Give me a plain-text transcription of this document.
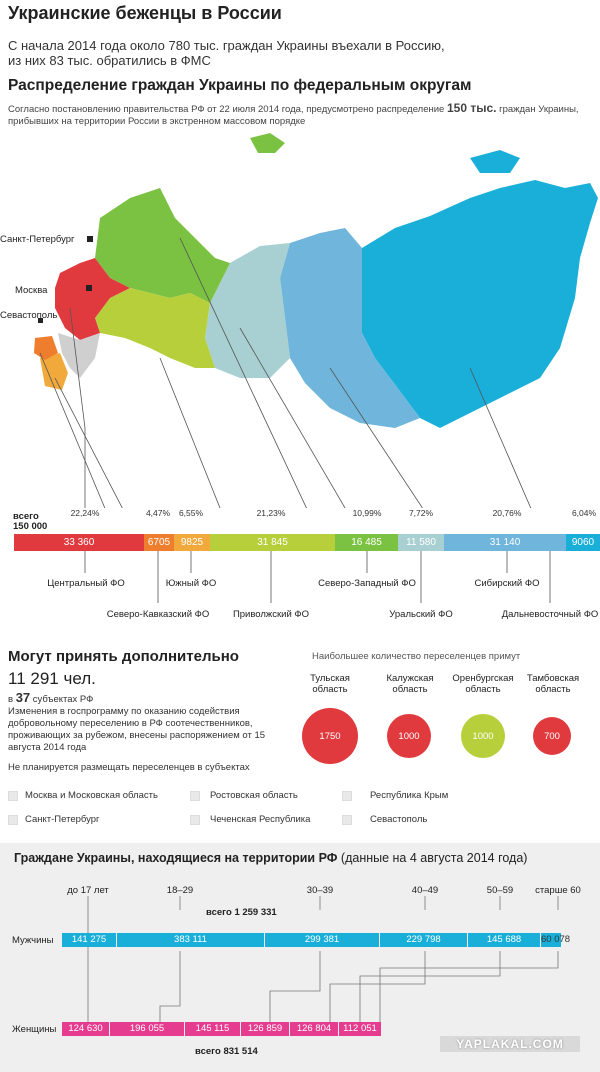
Украинские беженцы в России
С начала 2014 года около 780 тыс. граждан Украины въехали в Россию, из них 83 тыс. обратились в ФМС
Распределение граждан Украины по федеральным округам
Согласно постановлению правительства РФ от 22 июля 2014 года, предусмотрено распределение 150 тыс. граждан Украины, прибывших на территории России в экстренном массовом порядке
Санкт-Петербург
Москва
Севастополь
всего
150 000
22,24%	4,47% 6,55%	21,23%	10,99%	7,72%	20,76%	6,04%
33 360	6705	9825	31 845	16 485	11 580	31 140	9060
Центральный ФО
Северо-Кавказский ФО
Южный ФО
Приволжский ФО
Северо-Западный ФО
Уральский ФО
Сибирский ФО
Дальневосточный ФО
Могут принять дополнительно
11 291 чел.
в 37 субъектах РФ
Изменения в госпрограмму по оказанию содействия добровольному переселению в РФ соотечественников, проживающих за рубежом, внесены распоряжением от 15 августа 2014 года
Не планируется размещать переселенцев в субъектах
Москва и Московская область	Ростовская область	Республика Крым
Санкт-Петербург	Чеченская Республика	Севастополь
Наибольшее количество переселенцев примут
Тульская
область
Калужская
область
Оренбургская
область
Тамбовская
область
1750	1000	1000	700
Граждане Украины, находящиеся на территории РФ (данные на 4 августа 2014 года)
до 17 лет	18–29	30–39	40–49	50–59 старше 60
всего 1 259 331
Мужчины	141 275	383 111	299 381	229 798	145 688	60 078
Женщины	124 630	196 055	145 115	126 859	126 804	112 051
всего 831 514
YAPLAKAL.COM
